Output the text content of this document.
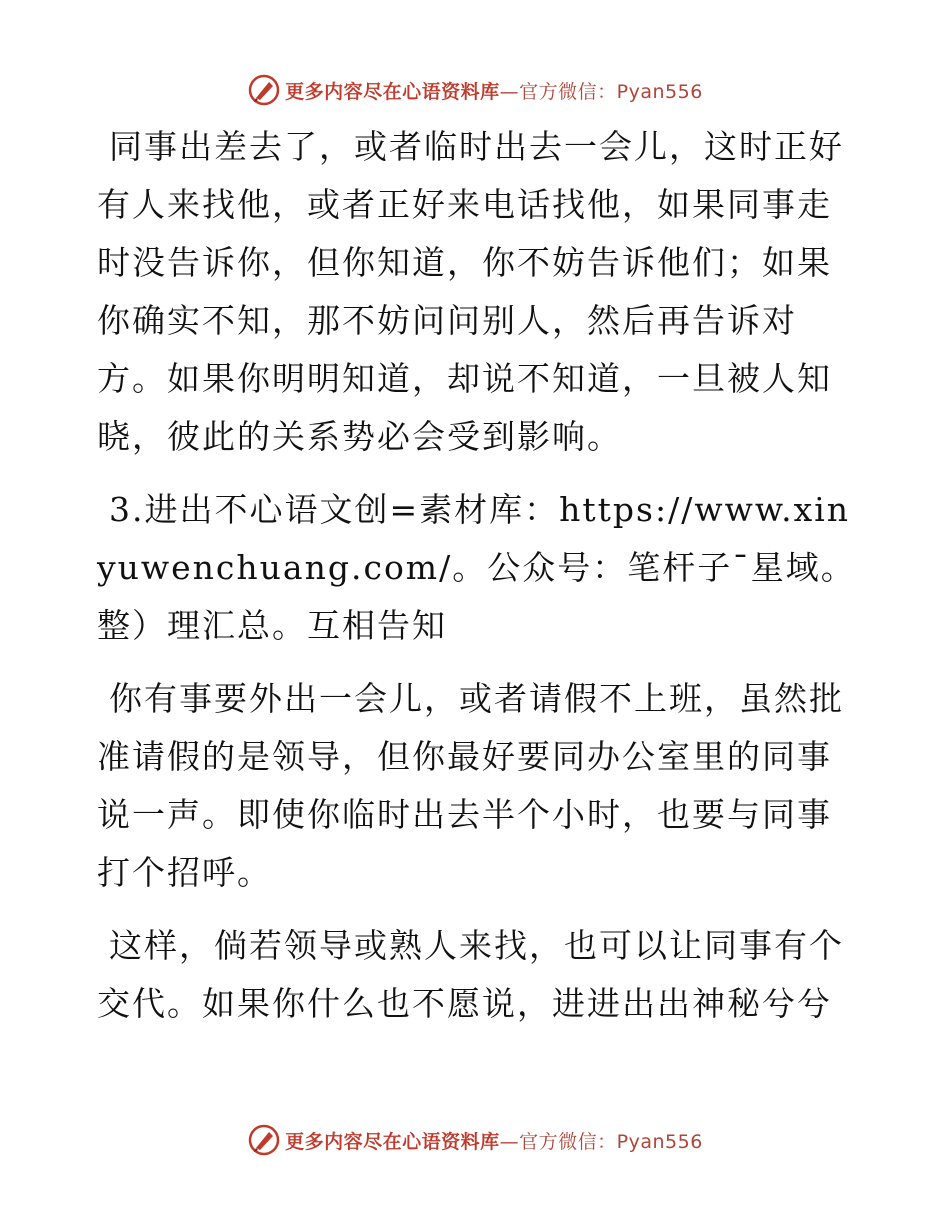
更多内容尽在心语资料库 —官方微信：Pyan556

同事出差去了，或者临时出去一会儿，这时正好有人来找他，或者正好来电话找他，如果同事走时没告诉你，但你知道，你不妨告诉他们；如果你确实不知，那不妨问问别人，然后再告诉对方。如果你明明知道，却说不知道，一旦被人知晓，彼此的关系势必会受到影响。

3.进出不心语文创=素材库：https://www.xinyuwenchuang.com/。公众号：笔杆子¯星域。整）理汇总。互相告知

你有事要外出一会儿，或者请假不上班，虽然批准请假的是领导，但你最好要同办公室里的同事说一声。即使你临时出去半个小时，也要与同事打个招呼。

这样，倘若领导或熟人来找，也可以让同事有个交代。如果你什么也不愿说，进进出出神秘兮兮

更多内容尽在心语资料库 —官方微信：Pyan556
